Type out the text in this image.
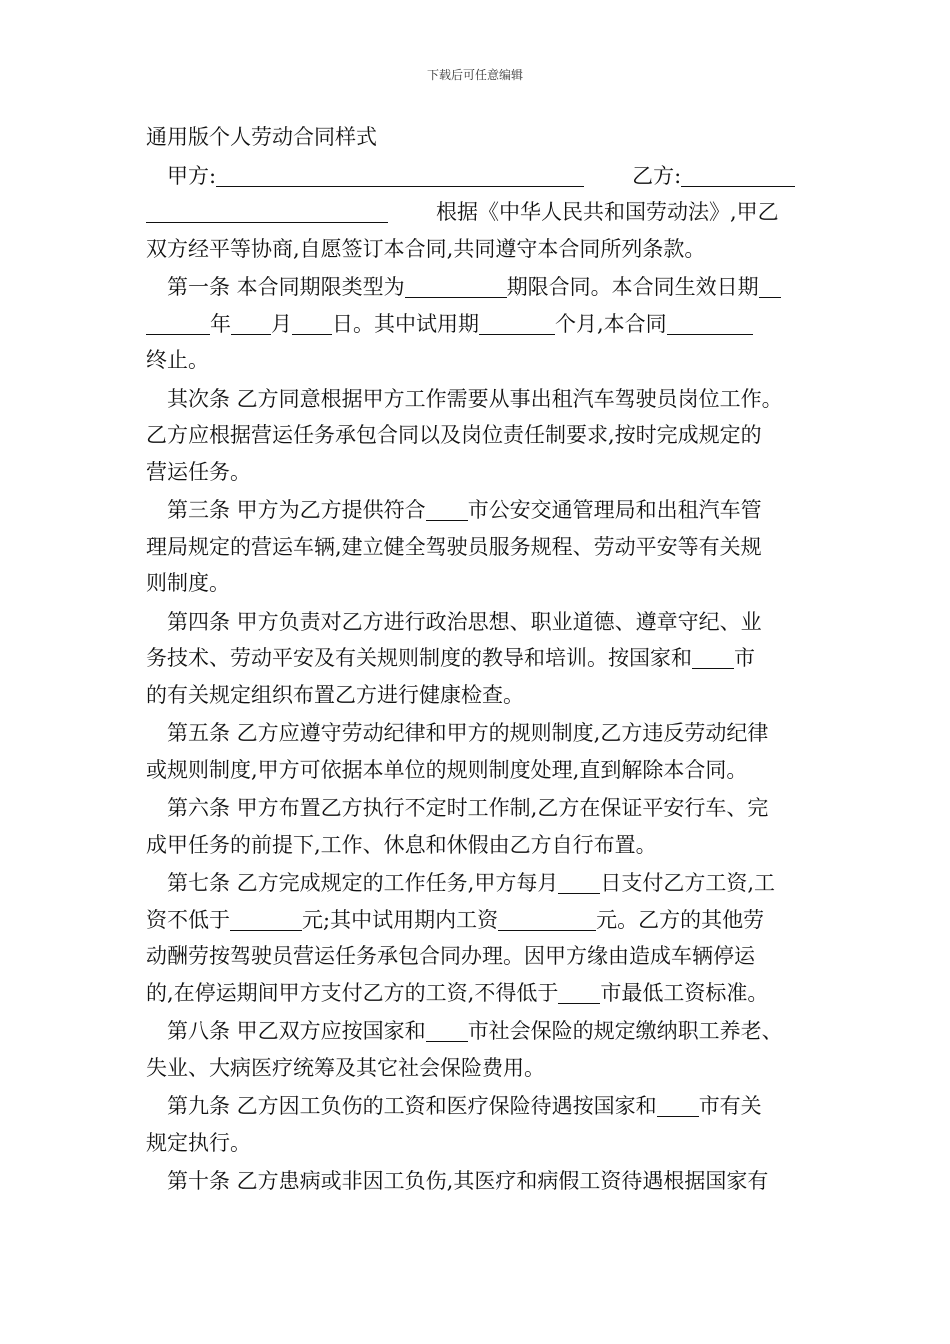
下载后可任意编辑
通用版个人劳动合同样式
甲方:	乙方:
根据《中华人民共和国劳动法》,甲乙
双方经平等协商,自愿签订本合同,共同遵守本合同所列条款。
第一条 本合同期限类型为	期限合同。本合同生效日期
年 月 日。其中试用期	个月,本合同
终止。
其次条 乙方同意根据甲方工作需要从事出租汽车驾驶员岗位工作。
乙方应根据营运任务承包合同以及岗位责任制要求,按时完成规定的
营运任务。
第三条 甲方为乙方提供符合 市公安交通管理局和出租汽车管
理局规定的营运车辆,建立健全驾驶员服务规程、劳动平安等有关规
则制度。
第四条 甲方负责对乙方进行政治思想、职业道德、遵章守纪、业
务技术、劳动平安及有关规则制度的教导和培训。按国家和 市
的有关规定组织布置乙方进行健康检查。
第五条 乙方应遵守劳动纪律和甲方的规则制度,乙方违反劳动纪律
或规则制度,甲方可依据本单位的规则制度处理,直到解除本合同。
第六条 甲方布置乙方执行不定时工作制,乙方在保证平安行车、完
成甲任务的前提下,工作、休息和休假由乙方自行布置。
第七条 乙方完成规定的工作任务,甲方每月 日支付乙方工资,工
资不低于	元;其中试用期内工资	元。乙方的其他劳
动酬劳按驾驶员营运任务承包合同办理。因甲方缘由造成车辆停运
的,在停运期间甲方支付乙方的工资,不得低于 市最低工资标准。
第八条 甲乙双方应按国家和 市社会保险的规定缴纳职工养老、
失业、大病医疗统筹及其它社会保险费用。
第九条 乙方因工负伤的工资和医疗保险待遇按国家和 市有关
规定执行。
第十条 乙方患病或非因工负伤,其医疗和病假工资待遇根据国家有
